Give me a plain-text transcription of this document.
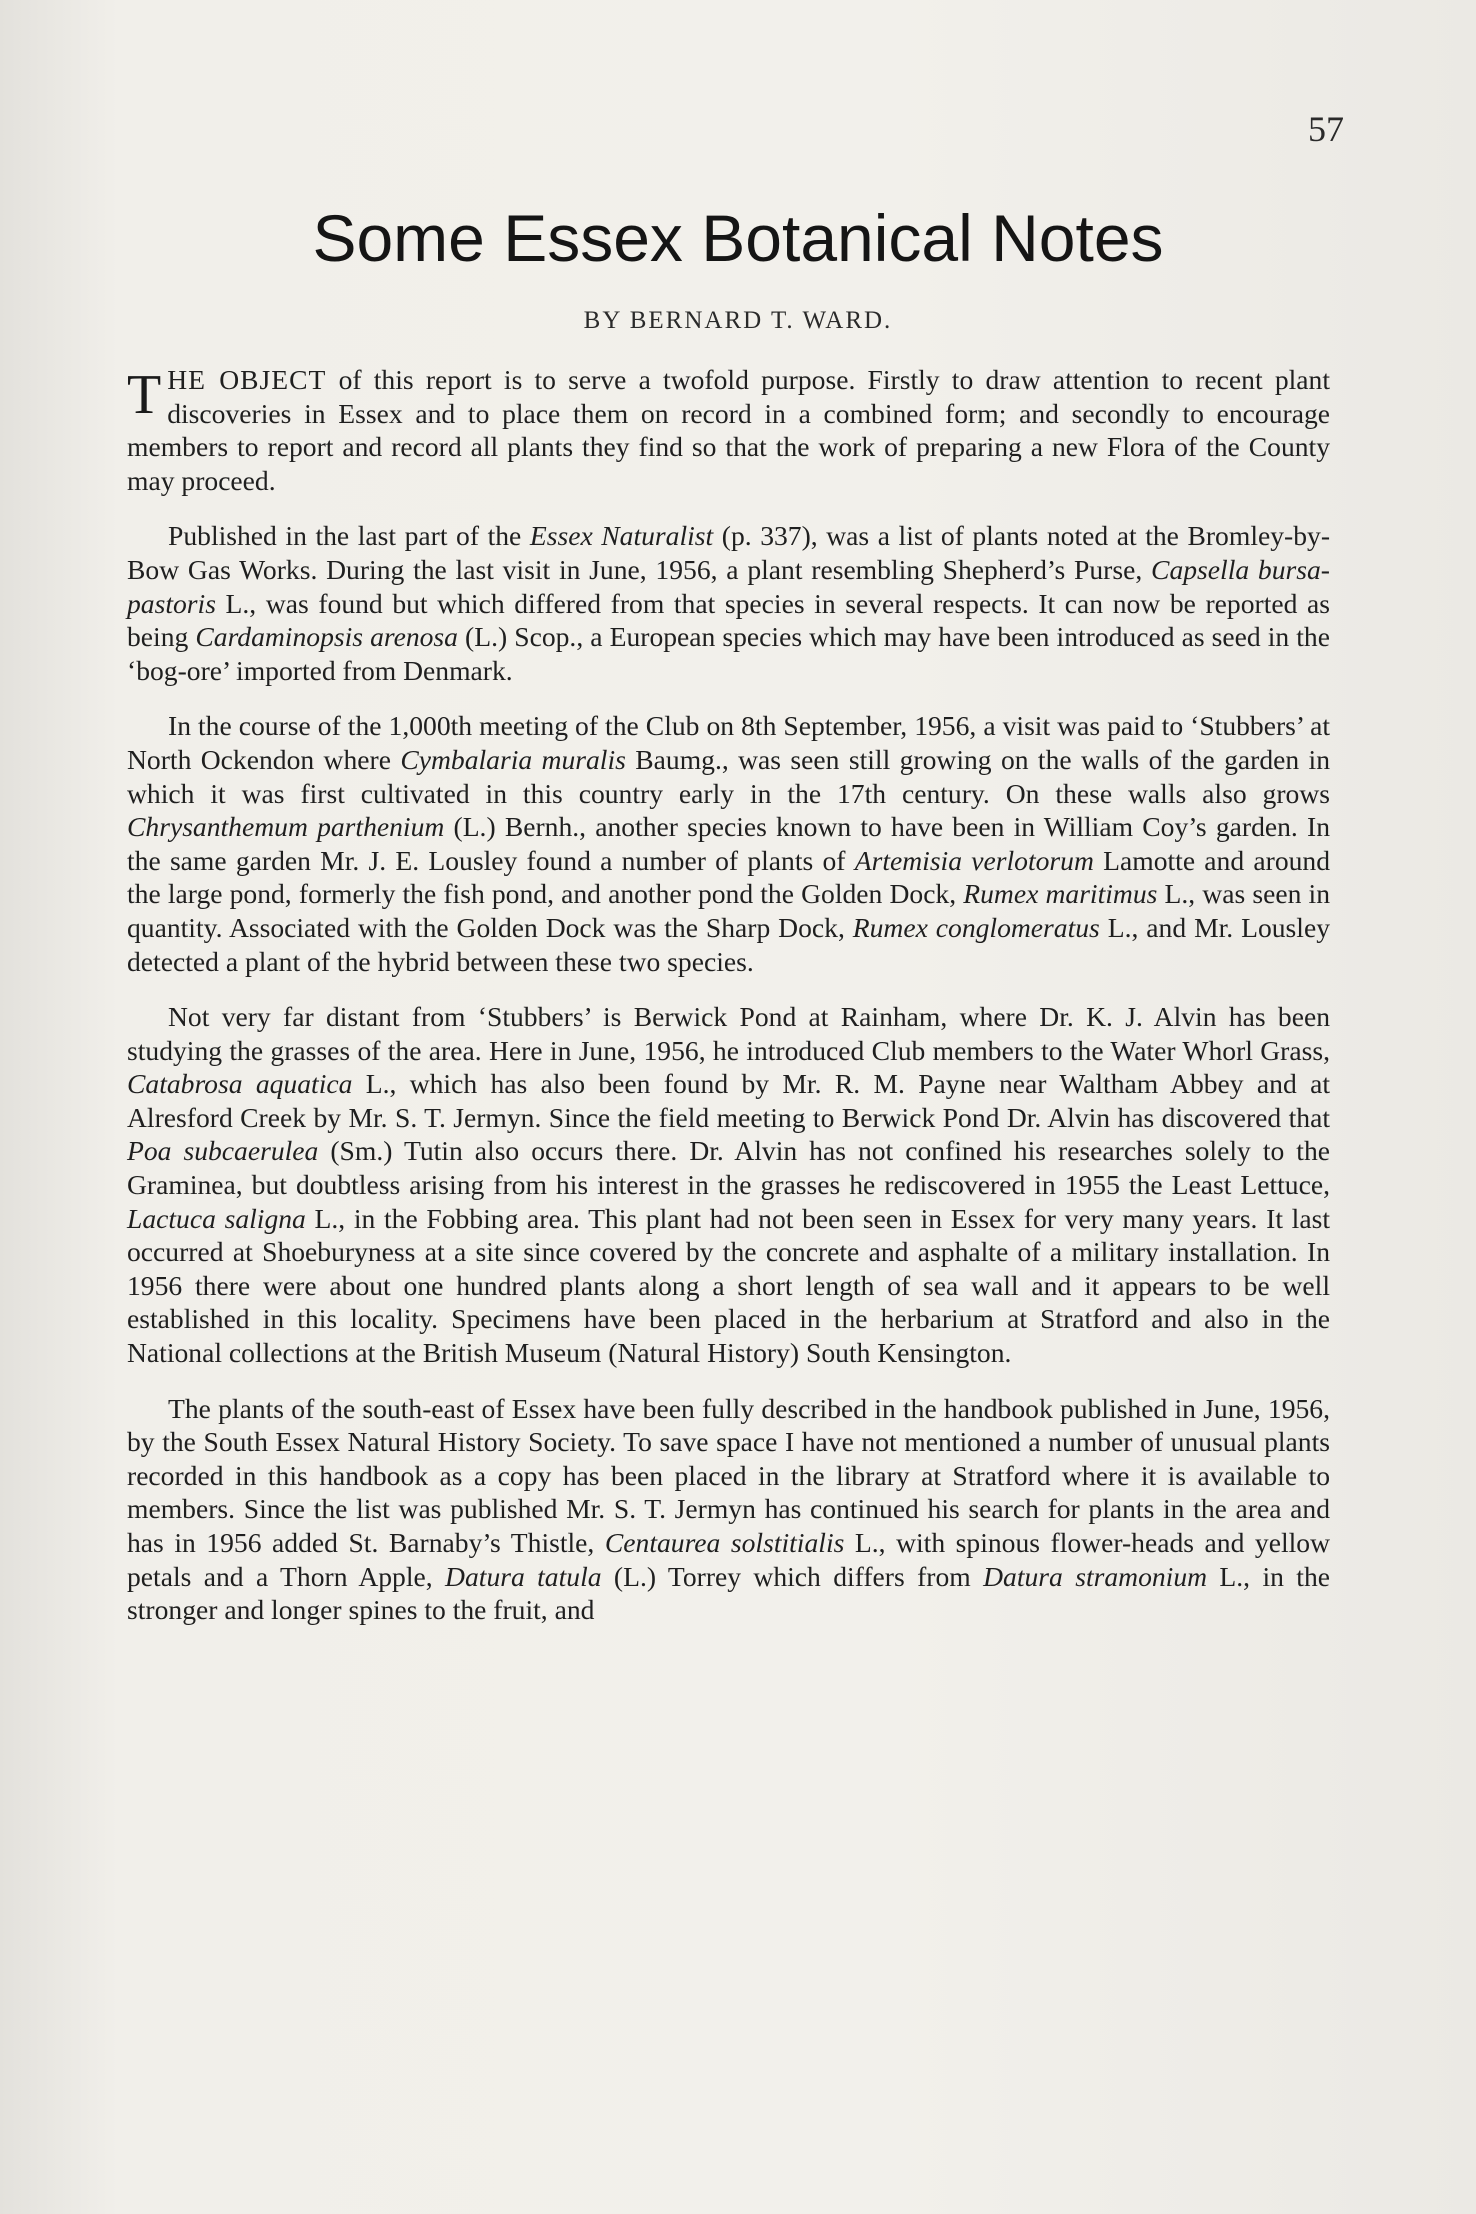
57
Some Essex Botanical Notes
BY BERNARD T. WARD.

THE OBJECT of this report is to serve a twofold purpose. Firstly to draw attention to recent plant discoveries in Essex and to place them on record in a combined form; and secondly to encourage members to report and record all plants they find so that the work of preparing a new Flora of the County may proceed.

Published in the last part of the Essex Naturalist (p. 337), was a list of plants noted at the Bromley-by-Bow Gas Works. During the last visit in June, 1956, a plant resembling Shepherd’s Purse, Capsella bursa-pastoris L., was found but which differed from that species in several respects. It can now be reported as being Cardaminopsis arenosa (L.) Scop., a European species which may have been introduced as seed in the ‘bog-ore’ imported from Denmark.

In the course of the 1,000th meeting of the Club on 8th September, 1956, a visit was paid to ‘Stubbers’ at North Ockendon where Cymbalaria muralis Baumg., was seen still growing on the walls of the garden in which it was first cultivated in this country early in the 17th century. On these walls also grows Chrysanthemum parthenium (L.) Bernh., another species known to have been in William Coy’s garden. In the same garden Mr. J. E. Lousley found a number of plants of Artemisia verlotorum Lamotte and around the large pond, formerly the fish pond, and another pond the Golden Dock, Rumex maritimus L., was seen in quantity. Associated with the Golden Dock was the Sharp Dock, Rumex conglomeratus L., and Mr. Lousley detected a plant of the hybrid between these two species.

Not very far distant from ‘Stubbers’ is Berwick Pond at Rainham, where Dr. K. J. Alvin has been studying the grasses of the area. Here in June, 1956, he introduced Club members to the Water Whorl Grass, Catabrosa aquatica L., which has also been found by Mr. R. M. Payne near Waltham Abbey and at Alresford Creek by Mr. S. T. Jermyn. Since the field meeting to Berwick Pond Dr. Alvin has discovered that Poa subcaerulea (Sm.) Tutin also occurs there. Dr. Alvin has not confined his researches solely to the Graminea, but doubtless arising from his interest in the grasses he rediscovered in 1955 the Least Lettuce, Lactuca saligna L., in the Fobbing area. This plant had not been seen in Essex for very many years. It last occurred at Shoeburyness at a site since covered by the concrete and asphalte of a military installation. In 1956 there were about one hundred plants along a short length of sea wall and it appears to be well established in this locality. Specimens have been placed in the herbarium at Stratford and also in the National collections at the British Museum (Natural History) South Kensington.

The plants of the south-east of Essex have been fully described in the handbook published in June, 1956, by the South Essex Natural History Society. To save space I have not mentioned a number of unusual plants recorded in this handbook as a copy has been placed in the library at Stratford where it is available to members. Since the list was published Mr. S. T. Jermyn has continued his search for plants in the area and has in 1956 added St. Barnaby’s Thistle, Centaurea solstitialis L., with spinous flower-heads and yellow petals and a Thorn Apple, Datura tatula (L.) Torrey which differs from Datura stramonium L., in the stronger and longer spines to the fruit, and
